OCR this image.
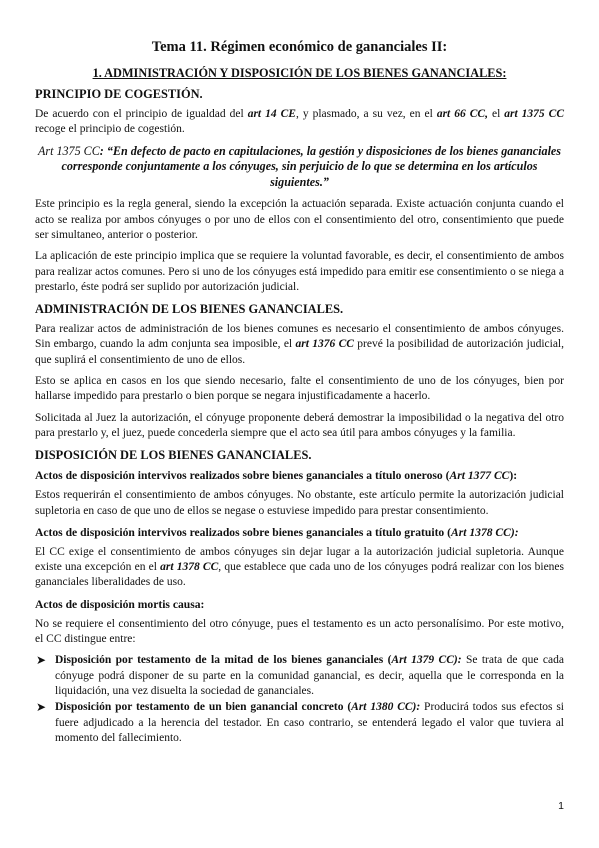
Tema 11. Régimen económico de gananciales II:
1. ADMINISTRACIÓN Y DISPOSICIÓN DE LOS BIENES GANANCIALES:
PRINCIPIO DE COGESTIÓN.

De acuerdo con el principio de igualdad del art 14 CE, y plasmado, a su vez, en el art 66 CC, el art 1375 CC recoge el principio de cogestión.

Art 1375 CC: “En defecto de pacto en capitulaciones, la gestión y disposiciones de los bienes gananciales corresponde conjuntamente a los cónyuges, sin perjuicio de lo que se determina en los artículos siguientes.”

Este principio es la regla general, siendo la excepción la actuación separada. Existe actuación conjunta cuando el acto se realiza por ambos cónyuges o por uno de ellos con el consentimiento del otro, consentimiento que puede ser simultaneo, anterior o posterior.

La aplicación de este principio implica que se requiere la voluntad favorable, es decir, el consentimiento de ambos para realizar actos comunes. Pero si uno de los cónyuges está impedido para emitir ese consentimiento o se niega a prestarlo, éste podrá ser suplido por autorización judicial.

ADMINISTRACIÓN DE LOS BIENES GANANCIALES.

Para realizar actos de administración de los bienes comunes es necesario el consentimiento de ambos cónyuges. Sin embargo, cuando la adm conjunta sea imposible, el art 1376 CC prevé la posibilidad de autorización judicial, que suplirá el consentimiento de uno de ellos.

Esto se aplica en casos en los que siendo necesario, falte el consentimiento de uno de los cónyuges, bien por hallarse impedido para prestarlo o bien porque se negara injustificadamente a hacerlo.

Solicitada al Juez la autorización, el cónyuge proponente deberá demostrar la imposibilidad o la negativa del otro para prestarlo y, el juez, puede concederla siempre que el acto sea útil para ambos cónyuges y la familia.

DISPOSICIÓN DE LOS BIENES GANANCIALES.
Actos de disposición intervivos realizados sobre bienes gananciales a título oneroso (Art 1377 CC):

Estos requerirán el consentimiento de ambos cónyuges. No obstante, este artículo permite la autorización judicial supletoria en caso de que uno de ellos se negase o estuviese impedido para prestar consentimiento.

Actos de disposición intervivos realizados sobre bienes gananciales a título gratuito (Art 1378 CC):

El CC exige el consentimiento de ambos cónyuges sin dejar lugar a la autorización judicial supletoria. Aunque existe una excepción en el art 1378 CC, que establece que cada uno de los cónyuges podrá realizar con los bienes gananciales liberalidades de uso.

Actos de disposición mortis causa:

No se requiere el consentimiento del otro cónyuge, pues el testamento es un acto personalísimo. Por este motivo, el CC distingue entre:

➤ Disposición por testamento de la mitad de los bienes gananciales (Art 1379 CC): Se trata de que cada cónyuge podrá disponer de su parte en la comunidad ganancial, es decir, aquella que le corresponda en la liquidación, una vez disuelta la sociedad de gananciales.
➤ Disposición por testamento de un bien ganancial concreto (Art 1380 CC): Producirá todos sus efectos si fuere adjudicado a la herencia del testador. En caso contrario, se entenderá legado el valor que tuviera al momento del fallecimiento.
1
